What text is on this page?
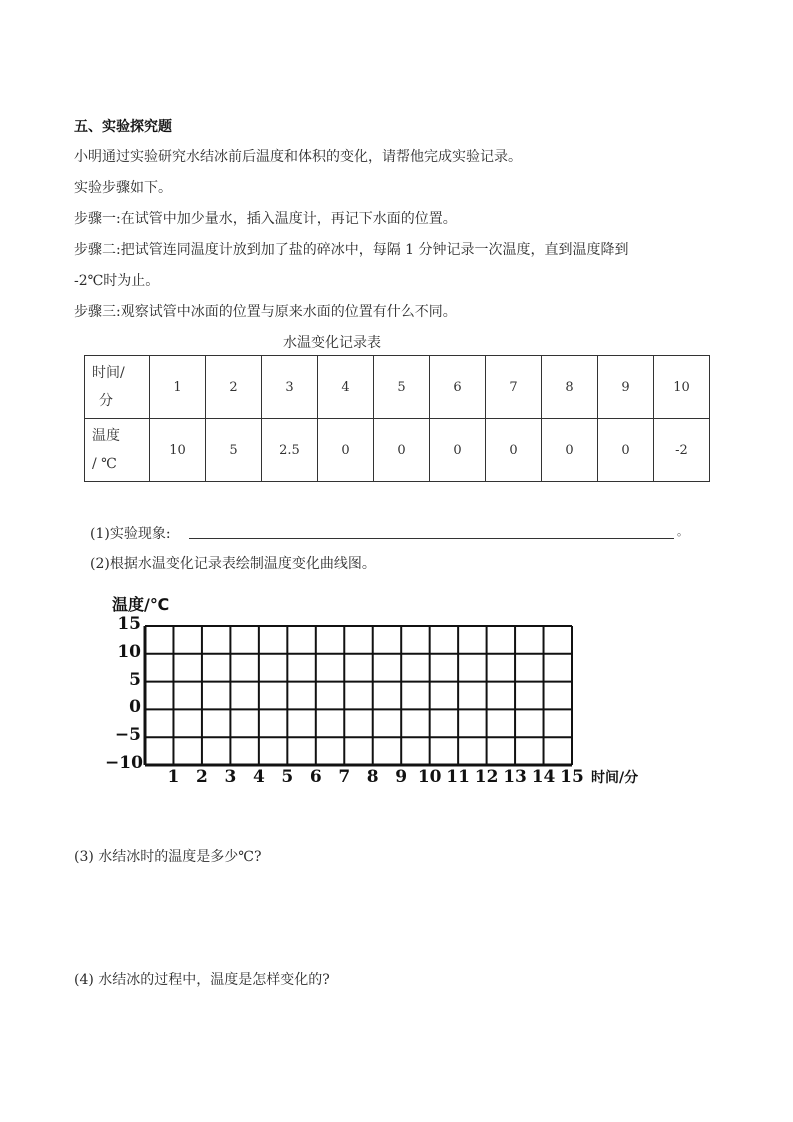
五、实验探究题
小明通过实验研究水结冰前后温度和体积的变化，请帮他完成实验记录。
实验步骤如下。
步骤一:在试管中加少量水，插入温度计，再记下水面的位置。
步骤二:把试管连同温度计放到加了盐的碎冰中，每隔 1 分钟记录一次温度，直到温度降到
-2℃时为止。
步骤三:观察试管中冰面的位置与原来水面的位置有什么不同。
水温变化记录表
时间/
分	1	2	3	4	5	6	7	8	9	10

温度
/ ℃	10	5	2.5	0	0	0	0	0	0	-2
(1)实验现象:	。
(2)根据水温变化记录表绘制温度变化曲线图。
温度/℃
15
10
5
0
−5
−10
1 2 3 4 5 6 7 8 9 10 11 12 13 14 15 时间/分
(3) 水结冰时的温度是多少℃?
(4) 水结冰的过程中，温度是怎样变化的?
